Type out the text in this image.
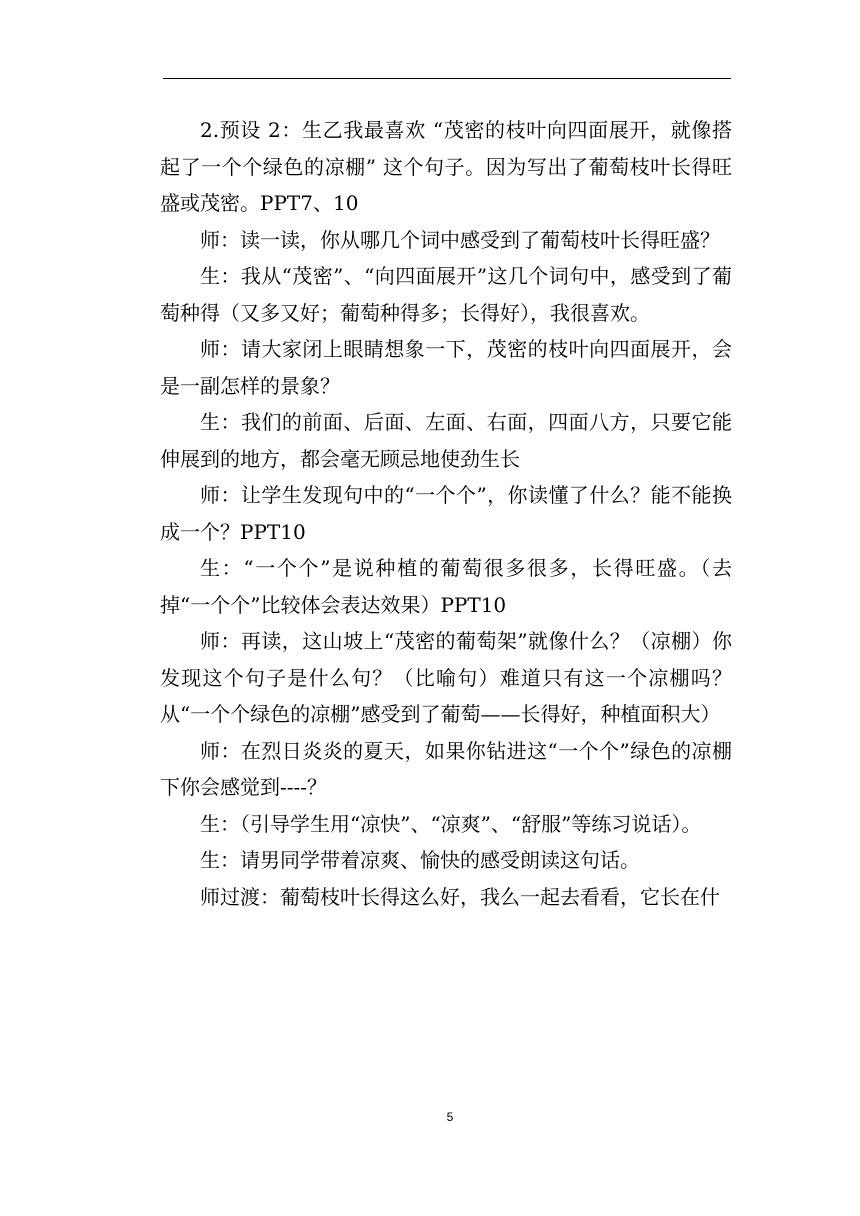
2.预设 2：生乙我最喜欢 “茂密的枝叶向四面展开，就像搭起了一个个绿色的凉棚” 这个句子。因为写出了葡萄枝叶长得旺盛或茂密。PPT7、10

师：读一读，你从哪几个词中感受到了葡萄枝叶长得旺盛？

生：我从“茂密”、“向四面展开”这几个词句中，感受到了葡萄种得（又多又好；葡萄种得多；长得好），我很喜欢。

师：请大家闭上眼睛想象一下，茂密的枝叶向四面展开，会是一副怎样的景象？

生：我们的前面、后面、左面、右面，四面八方，只要它能伸展到的地方，都会毫无顾忌地使劲生长

师：让学生发现句中的“一个个”，你读懂了什么？能不能换成一个？PPT10

生：“一个个”是说种植的葡萄很多很多，长得旺盛。（去掉“一个个”比较体会表达效果）PPT10

师：再读，这山坡上“茂密的葡萄架”就像什么？（凉棚）你发现这个句子是什么句？（比喻句）难道只有这一个凉棚吗？从“一个个绿色的凉棚”感受到了葡萄——长得好，种植面积大）

师：在烈日炎炎的夏天，如果你钻进这“一个个”绿色的凉棚下你会感觉到----？

生：（引导学生用“凉快”、“凉爽”、“舒服”等练习说话）。

生：请男同学带着凉爽、愉快的感受朗读这句话。

师过渡：葡萄枝叶长得这么好，我么一起去看看，它长在什

5
